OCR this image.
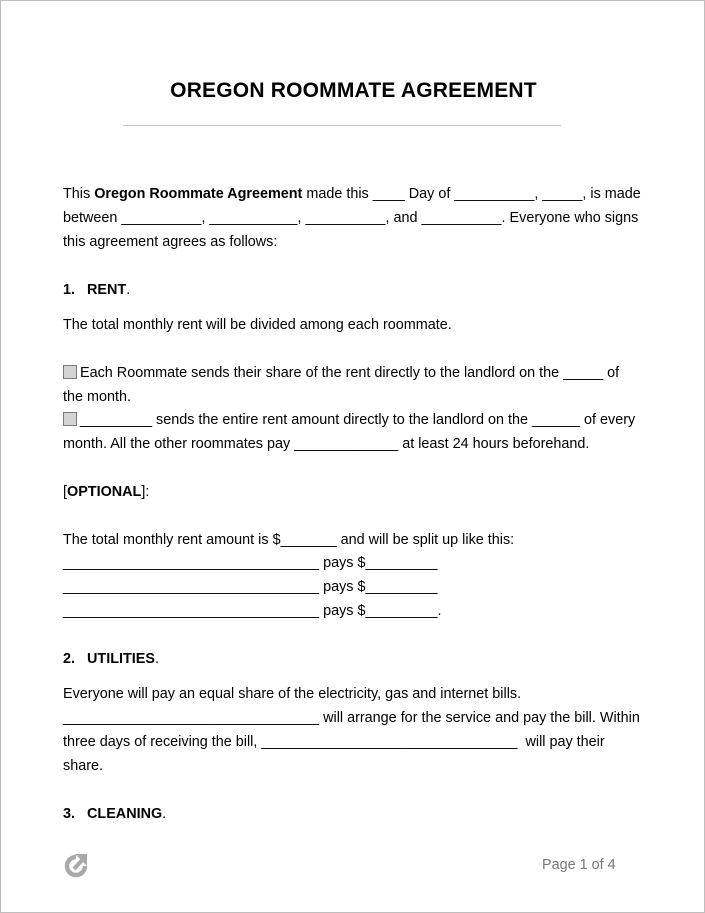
OREGON ROOMMATE AGREEMENT
This Oregon Roommate Agreement made this ____ Day of __________, _____, is made
between __________, ___________, __________, and __________. Everyone who signs
this agreement agrees as follows:
1. RENT.
The total monthly rent will be divided among each roommate.
Each Roommate sends their share of the rent directly to the landlord on the _____ of
the month.
_________ sends the entire rent amount directly to the landlord on the ______ of every
month. All the other roommates pay _____________ at least 24 hours beforehand.
[OPTIONAL]:
The total monthly rent amount is $_______ and will be split up like this:
________________________________ pays $_________
________________________________ pays $_________
________________________________ pays $_________.
2. UTILITIES.
Everyone will pay an equal share of the electricity, gas and internet bills.
________________________________ will arrange for the service and pay the bill. Within
three days of receiving the bill, ________________________________  will pay their
share.
3. CLEANING.
Page 1 of 4
